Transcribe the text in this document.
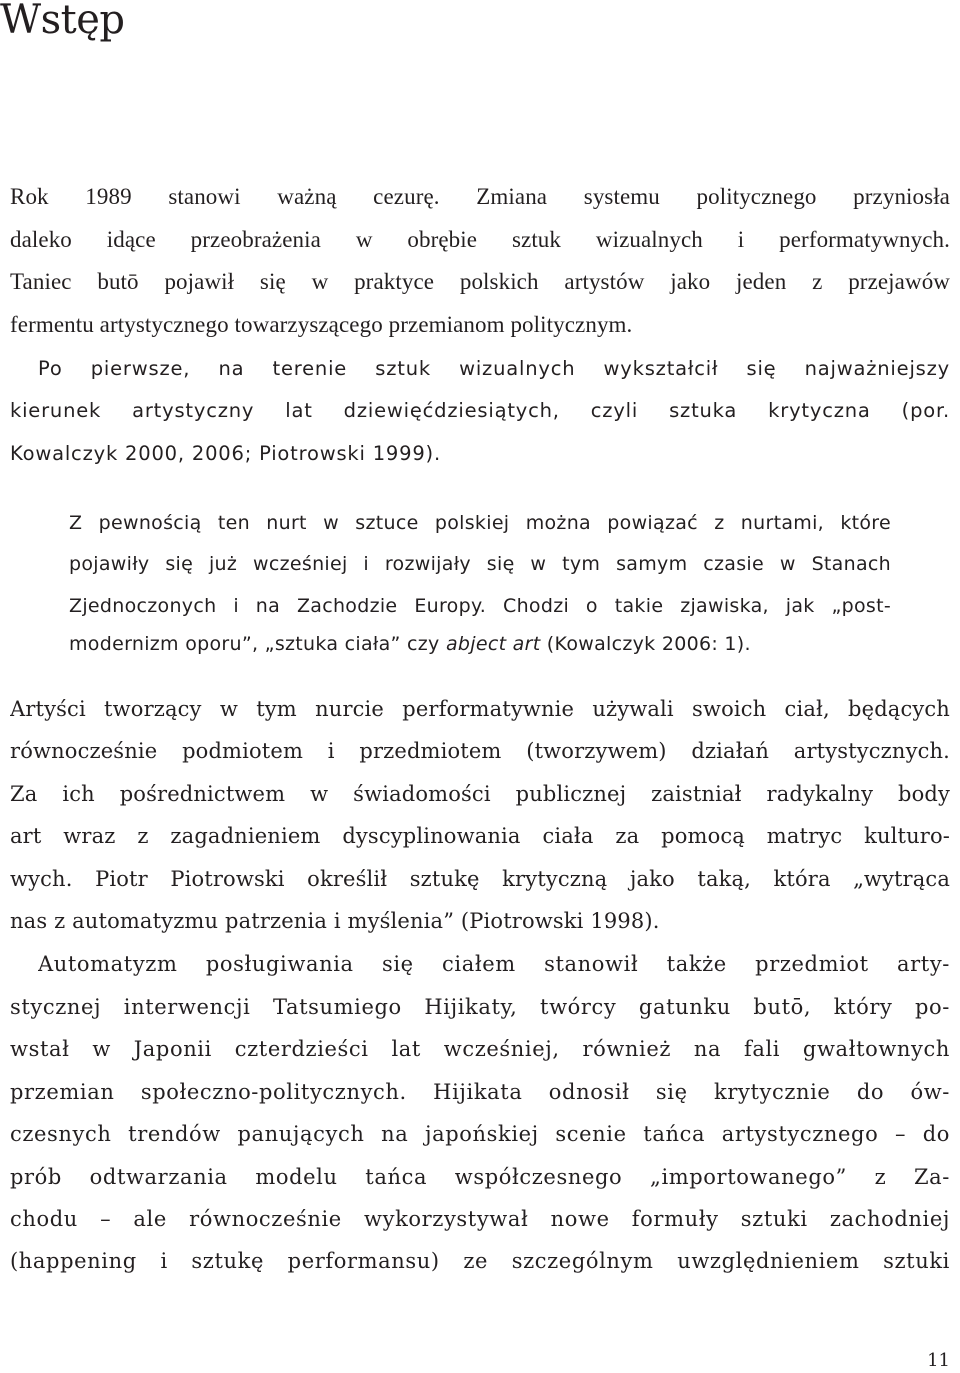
Wstęp
Rok 1989 stanowi ważną cezurę. Zmiana systemu politycznego przyniosła
daleko idące przeobrażenia w obrębie sztuk wizualnych i performatywnych.
Taniec butō pojawił się w praktyce polskich artystów jako jeden z przejawów
fermentu artystycznego towarzyszącego przemianom politycznym.
Po pierwsze, na terenie sztuk wizualnych wykształcił się najważniejszy
kierunek artystyczny lat dziewięćdziesiątych, czyli sztuka krytyczna (por.
Kowalczyk 2000, 2006; Piotrowski 1999).
Z pewnością ten nurt w sztuce polskiej można powiązać z nurtami, które
pojawiły się już wcześniej i rozwijały się w tym samym czasie w Stanach
Zjednoczonych i na Zachodzie Europy. Chodzi o takie zjawiska, jak „post-
modernizm oporu”, „sztuka ciała” czy abject art (Kowalczyk 2006: 1).
Artyści tworzący w tym nurcie performatywnie używali swoich ciał, będących
równocześnie podmiotem i przedmiotem (tworzywem) działań artystycznych.
Za ich pośrednictwem w świadomości publicznej zaistniał radykalny body
art wraz z zagadnieniem dyscyplinowania ciała za pomocą matryc kulturo-
wych. Piotr Piotrowski określił sztukę krytyczną jako taką, która „wytrąca
nas z automatyzmu patrzenia i myślenia” (Piotrowski 1998).
Automatyzm posługiwania się ciałem stanowił także przedmiot arty-
stycznej interwencji Tatsumiego Hijikaty, twórcy gatunku butō, który po-
wstał w Japonii czterdzieści lat wcześniej, również na fali gwałtownych
przemian społeczno-politycznych. Hijikata odnosił się krytycznie do ów-
czesnych trendów panujących na japońskiej scenie tańca artystycznego – do
prób odtwarzania modelu tańca współczesnego „importowanego” z Za-
chodu – ale równocześnie wykorzystywał nowe formuły sztuki zachodniej
(happening i sztukę performansu) ze szczególnym uwzględnieniem sztuki
11
